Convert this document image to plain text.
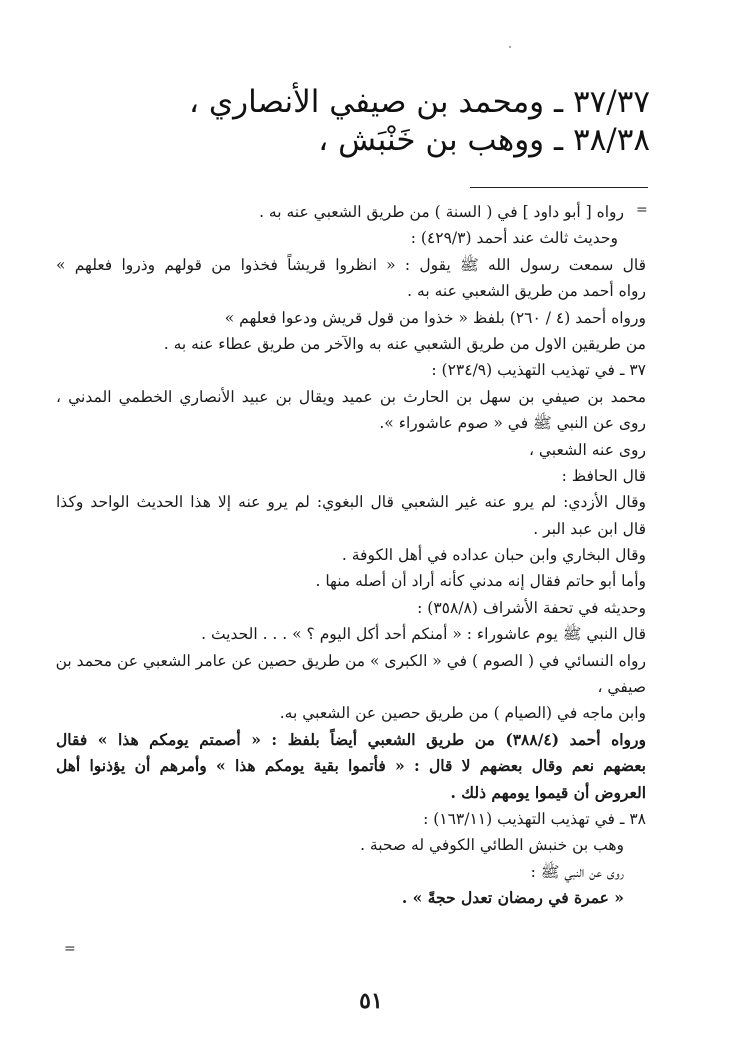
٣٧/٣٧ ـ ومحمد بن صيفي الأنصاري ،
٣٨/٣٨ ـ ووهب بن خَنْبَش ،
=
=
رواه [ أبو داود ] في ( السنة ) من طريق الشعبي عنه به .
وحديث ثالث عند أحمد (٤٢٩/٣) :
قال سمعت رسول الله ﷺ يقول : « انظروا قريشاً فخذوا من قولهم وذروا فعلهم »
رواه أحمد من طريق الشعبي عنه به .
ورواه أحمد (٤ / ٢٦٠) بلفظ « خذوا من قول قريش ودعوا فعلهم »
من طريقين الاول من طريق الشعبي عنه به والآخر من طريق عطاء عنه به .
٣٧ ـ في تهذيب التهذيب (٢٣٤/٩) :
محمد بن صيفي بن سهل بن الحارث بن عميد ويقال بن عبيد الأنصاري الخطمي المدني ،
روى عن النبي ﷺ في « صوم عاشوراء ».
روى عنه الشعبي ،
قال الحافظ :
وقال الأزدي: لم يرو عنه غير الشعبي قال البغوي: لم يرو عنه إلا هذا الحديث الواحد وكذا
قال ابن عبد البر .
وقال البخاري وابن حبان عداده في أهل الكوفة .
وأما أبو حاتم فقال إنه مدني كأنه أراد أن أصله منها .
وحديثه في تحفة الأشراف (٣٥٨/٨) :
قال النبي ﷺ يوم عاشوراء : « أمنكم أحد أكل اليوم ؟ » . . . الحديث .
رواه النسائي في ( الصوم ) في « الكبرى » من طريق حصين عن عامر الشعبي عن محمد بن
صيفي ،
وابن ماجه في (الصيام ) من طريق حصين عن الشعبي به.
ورواه أحمد (٣٨٨/٤) من طريق الشعبي أيضاً بلفظ : « أصمتم يومكم هذا » فقال
بعضهم نعم وقال بعضهم لا قال : « فأتموا بقية يومكم هذا » وأمرهم أن يؤذنوا أهل
العروض أن قيموا يومهم ذلك .
٣٨ ـ في تهذيب التهذيب (١٦٣/١١) :
وهب بن خنبش الطائي الكوفي له صحبة .
روى عن النبي ﷺ :
« عمرة في رمضان تعدل حجةً » .
٥١
